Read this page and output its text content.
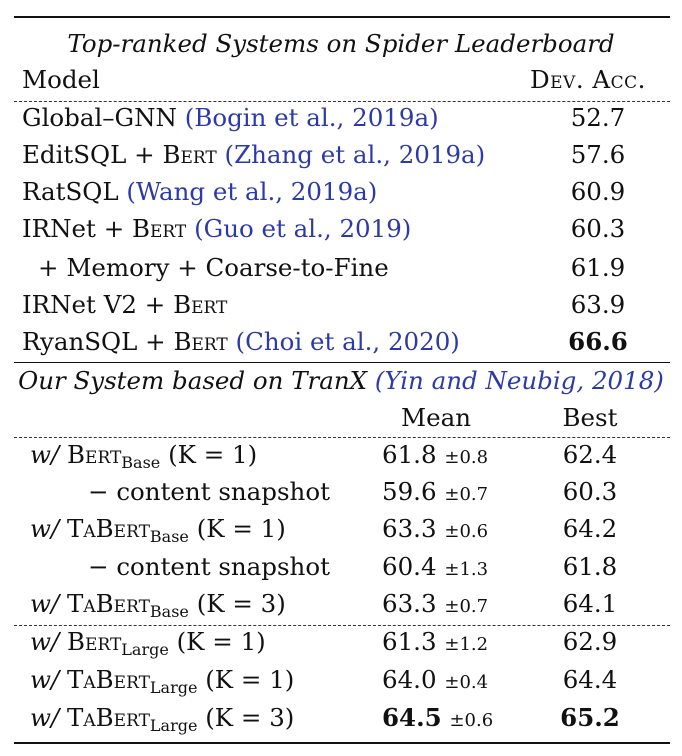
Top-ranked Systems on Spider Leaderboard
Model	Dev. Acc.
Global–GNN (Bogin et al., 2019a)	52.7
EditSQL + Bert (Zhang et al., 2019a)	57.6
RatSQL (Wang et al., 2019a)	60.9
IRNet + Bert (Guo et al., 2019)	60.3
+ Memory + Coarse-to-Fine	61.9
IRNet V2 + Bert	63.9
RyanSQL + Bert (Choi et al., 2020)	66.6
Our System based on TranX (Yin and Neubig, 2018)
Mean	Best
w/ Bert$_{Base}$ (K = 1)	61.8 ±0.8	62.4
− content snapshot 59.6 ±0.7	60.3
w/ TaBert$_{Base}$ (K = 1)	63.3 ±0.6	64.2
− content snapshot 60.4 ±1.3	61.8
w/ TaBert$_{Base}$ (K = 3)	63.3 ±0.7	64.1
w/ Bert$_{Large}$ (K = 1)	61.3 ±1.2	62.9
w/ TaBert$_{Large}$ (K = 1)	64.0 ±0.4	64.4
w/ TaBert$_{Large}$ (K = 3)	64.5 ±0.6	65.2
